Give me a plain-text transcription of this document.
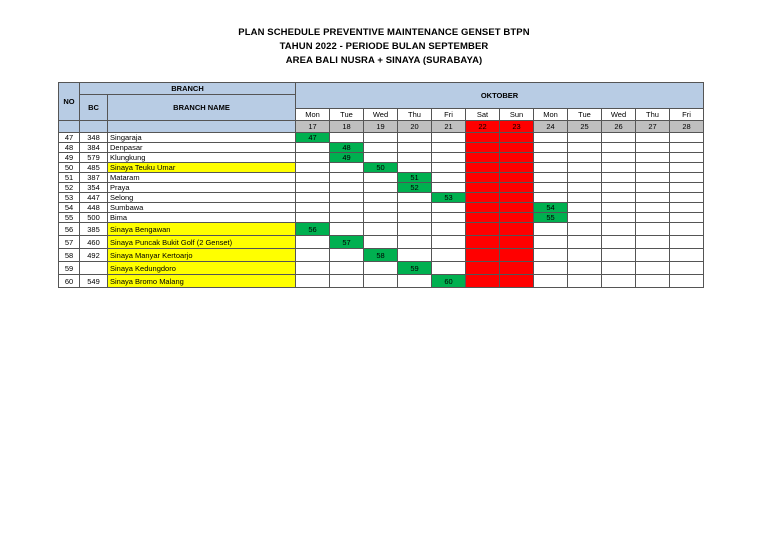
PLAN SCHEDULE PREVENTIVE MAINTENANCE GENSET BTPN
TAHUN 2022 - PERIODE BULAN SEPTEMBER
AREA BALI NUSRA + SINAYA (SURABAYA)
NO	BRANCH		OKTOBER											
	BC	BRANCH NAME												
			Mon	Tue	Wed	Thu	Fri	Sat	Sun	Mon	Tue	Wed	Thu	Fri
			17	18	19	20	21	22	23	24	25	26	27	28
47	348	Singaraja	47											
48	384	Denpasar		48										
49	579	Klungkung		49										
50	485	Sinaya Teuku Umar			50									
51	387	Mataram				51								
52	354	Praya				52								
53	447	Selong					53							
54	448	Sumbawa								54				
55	500	Bima								55				
56	385	Sinaya Bengawan	56											
57	460	Sinaya Puncak Bukit Golf (2 Genset)		57										
58	492	Sinaya Manyar Kertoarjo			58									
59		Sinaya Kedungdoro				59								
60	549	Sinaya Bromo Malang					60							
